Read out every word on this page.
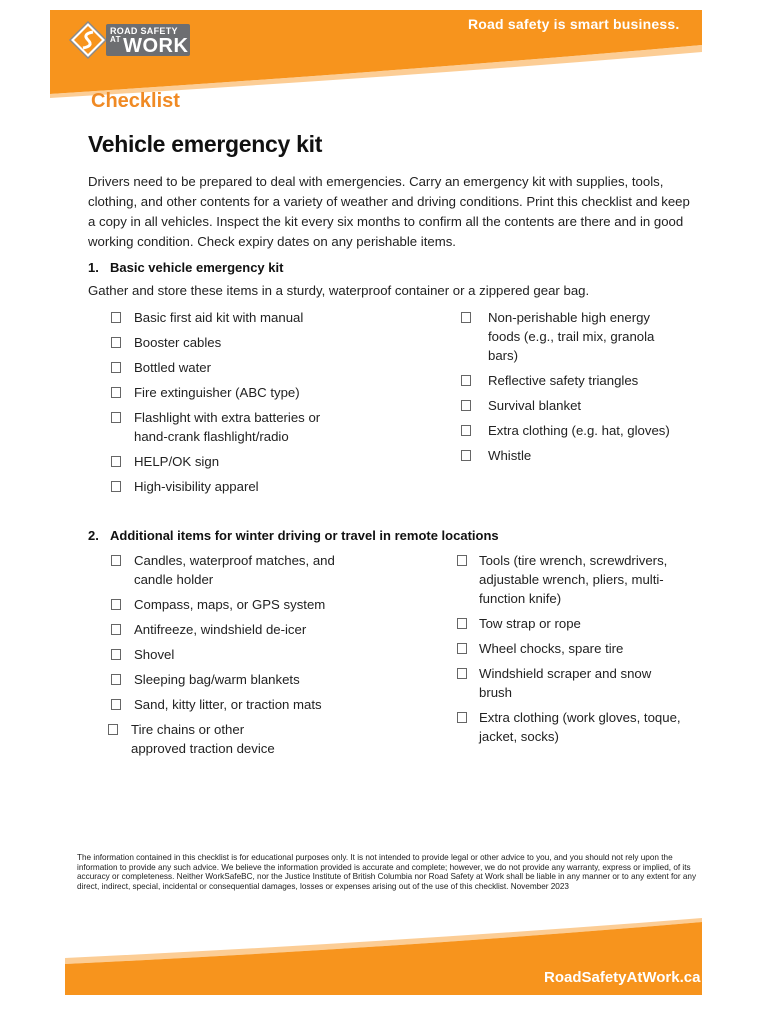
ROAD SAFETY
$^{AT}$ WORK
Road safety is smart business.
Checklist
Vehicle emergency kit
Drivers need to be prepared to deal with emergencies. Carry an emergency kit with supplies, tools, clothing, and other contents for a variety of weather and driving conditions. Print this checklist and keep a copy in all vehicles. Inspect the kit every six months to confirm all the contents are there and in good working condition. Check expiry dates on any perishable items.
1. Basic vehicle emergency kit
Gather and store these items in a sturdy, waterproof container or a zippered gear bag.
Basic first aid kit with manual
Booster cables
Bottled water
Fire extinguisher (ABC type)
Flashlight with extra batteries or hand-crank flashlight/radio
HELP/OK sign
High-visibility apparel
Non-perishable high energy foods (e.g., trail mix, granola bars)
Reflective safety triangles
Survival blanket
Extra clothing (e.g. hat, gloves)
Whistle
2. Additional items for winter driving or travel in remote locations
Candles, waterproof matches, and candle holder
Compass, maps, or GPS system
Antifreeze, windshield de-icer
Shovel
Sleeping bag/warm blankets
Sand, kitty litter, or traction mats
Tire chains or other approved traction device
Tools (tire wrench, screwdrivers, adjustable wrench, pliers, multi-function knife)
Tow strap or rope
Wheel chocks, spare tire
Windshield scraper and snow brush
Extra clothing (work gloves, toque, jacket, socks)
The information contained in this checklist is for educational purposes only. It is not intended to provide legal or other advice to you, and you should not rely upon the information to provide any such advice. We believe the information provided is accurate and complete; however, we do not provide any warranty, express or implied, of its accuracy or completeness. Neither WorkSafeBC, nor the Justice Institute of British Columbia nor Road Safety at Work shall be liable in any manner or to any extent for any direct, indirect, special, incidental or consequential damages, losses or expenses arising out of the use of this checklist. November 2023
RoadSafetyAtWork.ca
